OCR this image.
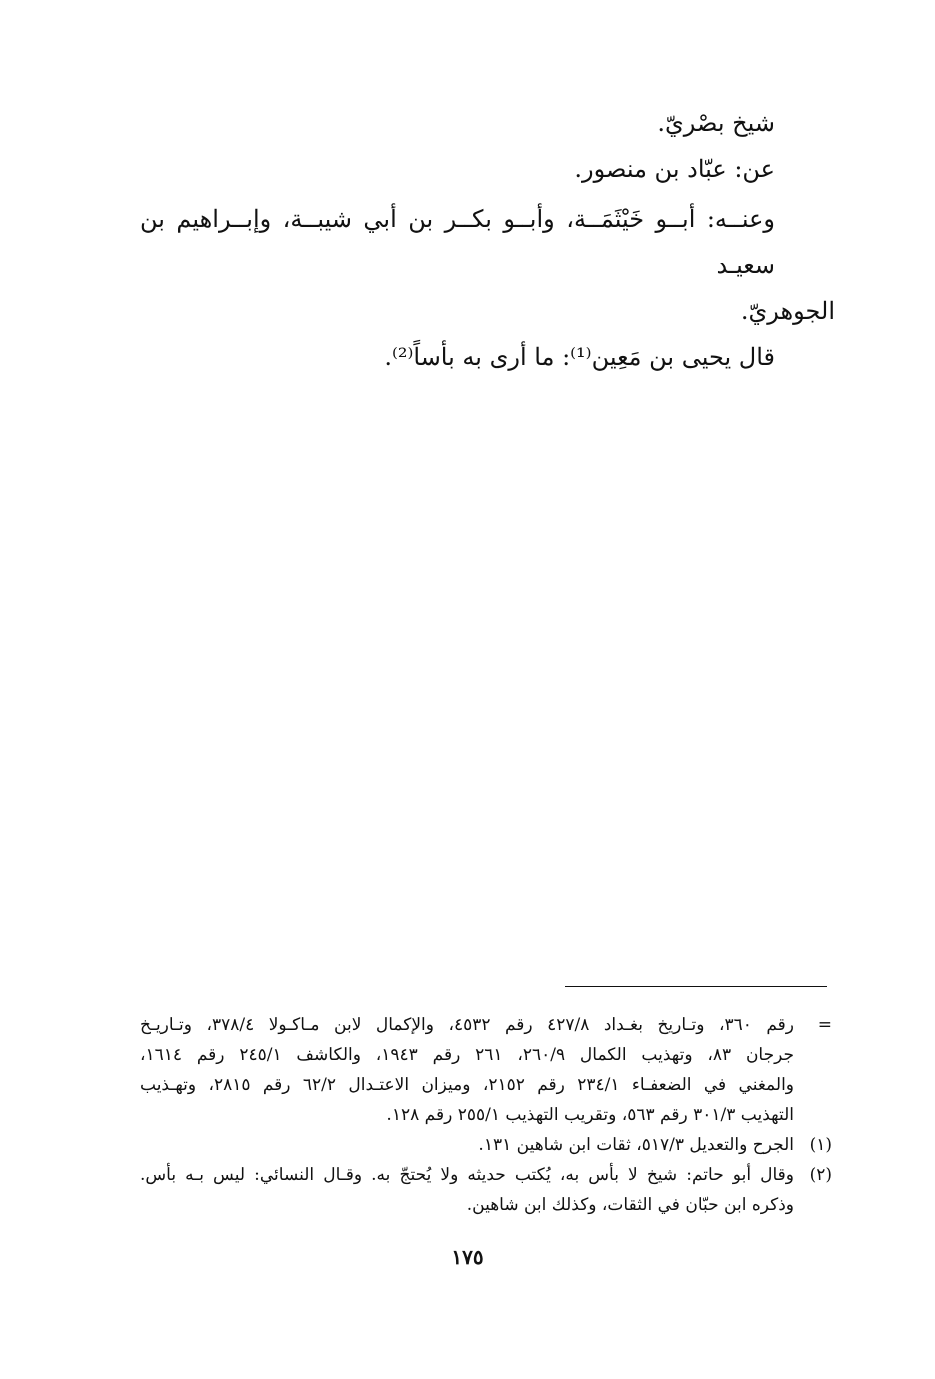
شيخ بصْريّ.

عن: عبّاد بن منصور.

وعنــه: أبــو خَيْثَمَــة، وأبــو بكــر بن أبي شيبــة، وإبــراهيم بن سعيـد

الجوهريّ.

قال يحيى بن مَعِين⁽¹⁾: ما أرى به بأساً⁽²⁾.

=
رقم ٣٦٠، وتـاريخ بغـداد ٤٢٧/٨ رقم ٤٥٣٢، والإكمال لابن مـاكـولا ٣٧٨/٤، وتـاريـخ
جرجان ٨٣، وتهذيب الكمال ٢٦٠/٩، ٢٦١ رقم ١٩٤٣، والكاشف ٢٤٥/١ رقم ١٦١٤،
والمغني في الضعفـاء ٢٣٤/١ رقم ٢١٥٢، وميزان الاعتـدال ٦٢/٢ رقم ٢٨١٥، وتهـذيب
التهذيب ٣٠١/٣ رقم ٥٦٣، وتقريب التهذيب ٢٥٥/١ رقم ١٢٨.
(١)
الجرح والتعديل ٥١٧/٣، ثقات ابن شاهين ١٣١.
(٢)
وقال أبو حاتم: شيخ لا بأس به، يُكتب حديثه ولا يُحتجّ به. وقـال النسائي: ليس بـه بأس.
وذكره ابن حبّان في الثقات، وكذلك ابن شاهين.
١٧٥
